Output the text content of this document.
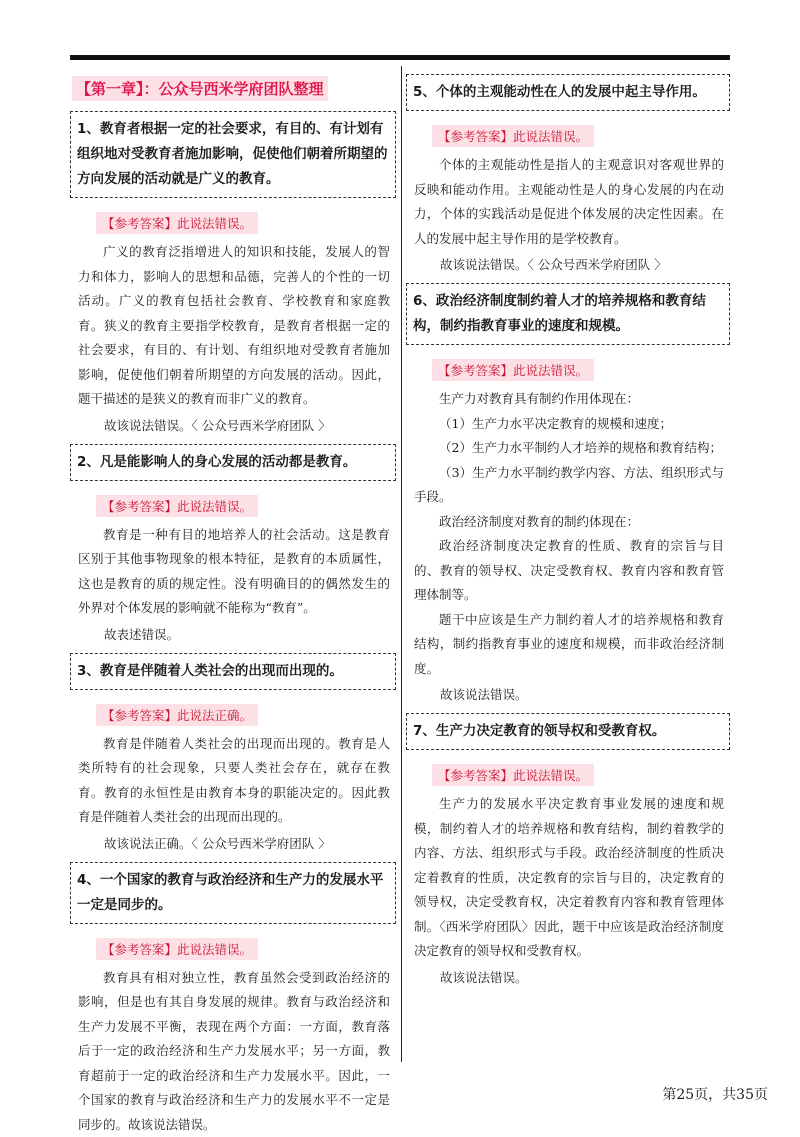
【第一章】：公众号西米学府团队整理
1、教育者根据一定的社会要求，有目的、有计划有组织地对受教育者施加影响，促使他们朝着所期望的方向发展的活动就是广义的教育。
【参考答案】此说法错误。

广义的教育泛指增进人的知识和技能，发展人的智力和体力，影响人的思想和品德，完善人的个性的一切活动。广义的教育包括社会教育、学校教育和家庭教育。狭义的教育主要指学校教育，是教育者根据一定的社会要求，有目的、有计划、有组织地对受教育者施加影响，促使他们朝着所期望的方向发展的活动。因此，题干描述的是狭义的教育而非广义的教育。

故该说法错误。〈 公众号西米学府团队 〉
2、凡是能影响人的身心发展的活动都是教育。
【参考答案】此说法错误。

教育是一种有目的地培养人的社会活动。这是教育区别于其他事物现象的根本特征，是教育的本质属性，这也是教育的质的规定性。没有明确目的的偶然发生的外界对个体发展的影响就不能称为“教育”。

故表述错误。
3、教育是伴随着人类社会的出现而出现的。
【参考答案】此说法正确。

教育是伴随着人类社会的出现而出现的。教育是人类所特有的社会现象，只要人类社会存在，就存在教育。教育的永恒性是由教育本身的职能决定的。因此教育是伴随着人类社会的出现而出现的。

故该说法正确。〈 公众号西米学府团队 〉
4、一个国家的教育与政治经济和生产力的发展水平一定是同步的。
【参考答案】此说法错误。

教育具有相对独立性，教育虽然会受到政治经济的影响，但是也有其自身发展的规律。教育与政治经济和生产力发展不平衡，表现在两个方面：一方面，教育落后于一定的政治经济和生产力发展水平；另一方面，教育超前于一定的政治经济和生产力发展水平。因此，一个国家的教育与政治经济和生产力的发展水平不一定是同步的。故该说法错误。

5、个体的主观能动性在人的发展中起主导作用。
【参考答案】此说法错误。

个体的主观能动性是指人的主观意识对客观世界的反映和能动作用。主观能动性是人的身心发展的内在动力，个体的实践活动是促进个体发展的决定性因素。在人的发展中起主导作用的是学校教育。

故该说法错误。〈 公众号西米学府团队 〉
6、政治经济制度制约着人才的培养规格和教育结构，制约指教育事业的速度和规模。
【参考答案】此说法错误。

生产力对教育具有制约作用体现在：

（1）生产力水平决定教育的规模和速度；

（2）生产力水平制约人才培养的规格和教育结构；

（3）生产力水平制约教学内容、方法、组织形式与手段。

政治经济制度对教育的制约体现在：

政治经济制度决定教育的性质、教育的宗旨与目的、教育的领导权、决定受教育权、教育内容和教育管理体制等。

题干中应该是生产力制约着人才的培养规格和教育结构，制约指教育事业的速度和规模，而非政治经济制度。

故该说法错误。
7、生产力决定教育的领导权和受教育权。
【参考答案】此说法错误。

生产力的发展水平决定教育事业发展的速度和规模，制约着人才的培养规格和教育结构，制约着教学的内容、方法、组织形式与手段。政治经济制度的性质决定着教育的性质，决定教育的宗旨与目的，决定教育的领导权，决定受教育权，决定着教育内容和教育管理体制。〈西米学府团队〉因此，题干中应该是政治经济制度决定教育的领导权和受教育权。

故该说法错误。
第25页，共35页
